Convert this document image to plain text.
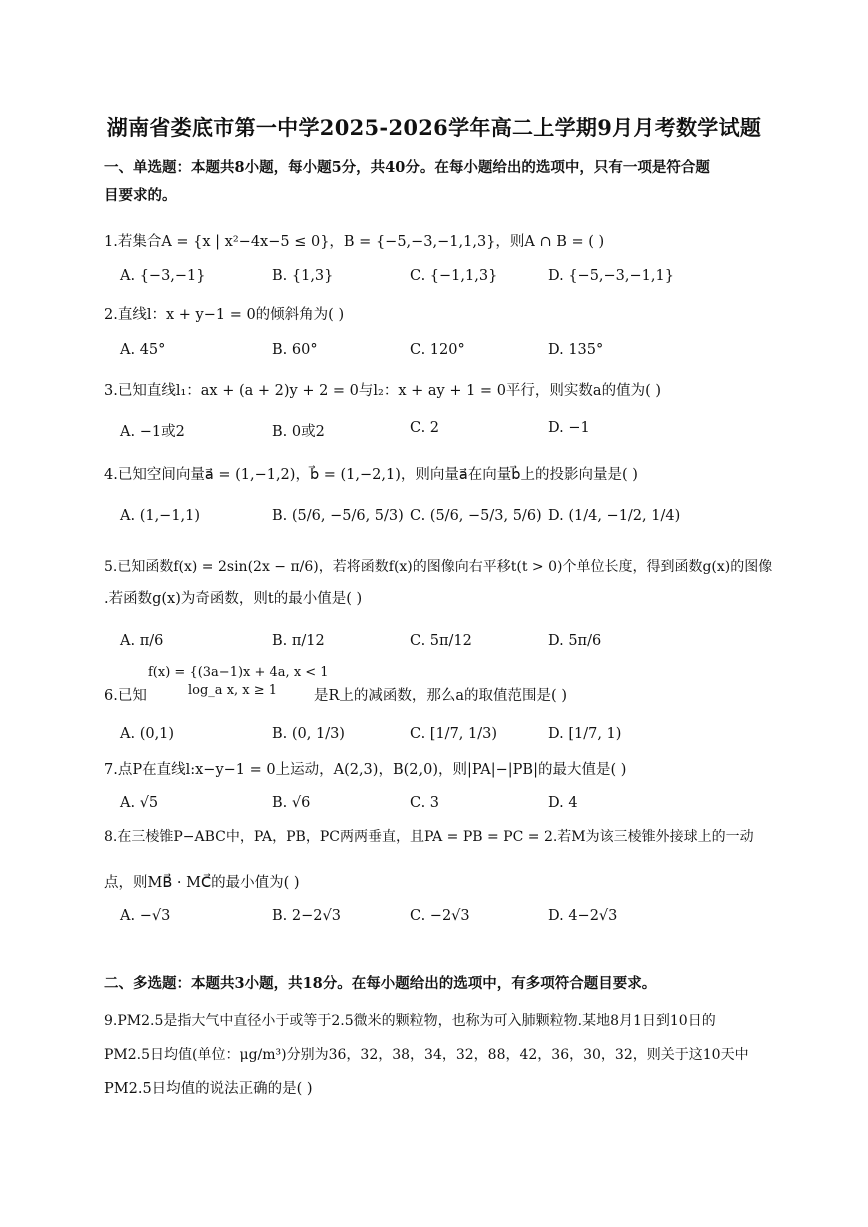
湖南省娄底市第一中学2025-2026学年高二上学期9月月考数学试题
一、单选题：本题共8小题，每小题5分，共40分。在每小题给出的选项中，只有一项是符合题
目要求的。
1.若集合A = {x | x²−4x−5 ≤ 0}，B = {−5,−3,−1,1,3}，则A ∩ B = ( )
A. {−3,−1}	B. {1,3}	C. {−1,1,3}	D. {−5,−3,−1,1}
2.直线l：x + y−1 = 0的倾斜角为( )
A. 45°	B. 60°	C. 120°	D. 135°
3.已知直线l₁：ax + (a + 2)y + 2 = 0与l₂：x + ay + 1 = 0平行，则实数a的值为( )
A. −1或2	B. 0或2	C. 2	D. −1
4.已知空间向量a⃗ = (1,−1,2)，b⃗ = (1,−2,1)，则向量a⃗在向量b⃗上的投影向量是( )
A. (1,−1,1)	B. (5/6, −5/6, 5/3) C. (5/6, −5/3, 5/6) D. (1/4, −1/2, 1/4)
5.已知函数f(x) = 2sin(2x − π/6)，若将函数f(x)的图像向右平移t(t > 0)个单位长度，得到函数g(x)的图像
.若函数g(x)为奇函数，则t的最小值是( )
A. π/6	B. π/12	C. 5π/12	D. 5π/6
6.已知
f(x) = {(3a−1)x + 4a, x < 1
log_a x, x ≥ 1	是R上的减函数，那么a的取值范围是( )
A. (0,1)	B. (0, 1/3)	C. [1/7, 1/3)	D. [1/7, 1)
7.点P在直线l:x−y−1 = 0上运动，A(2,3)，B(2,0)，则|PA|−|PB|的最大值是( )
A. √5	B. √6	C. 3	D. 4
8.在三棱锥P−ABC中，PA，PB，PC两两垂直，且PA = PB = PC = 2.若M为该三棱锥外接球上的一动
点，则MB⃗ · MC⃗的最小值为( )
A. −√3	B. 2−2√3	C. −2√3	D. 4−2√3
二、多选题：本题共3小题，共18分。在每小题给出的选项中，有多项符合题目要求。
9.PM2.5是指大气中直径小于或等于2.5微米的颗粒物，也称为可入肺颗粒物.某地8月1日到10日的
PM2.5日均值(单位：μg/m³)分别为36，32，38，34，32，88，42，36，30，32，则关于这10天中
PM2.5日均值的说法正确的是( )
